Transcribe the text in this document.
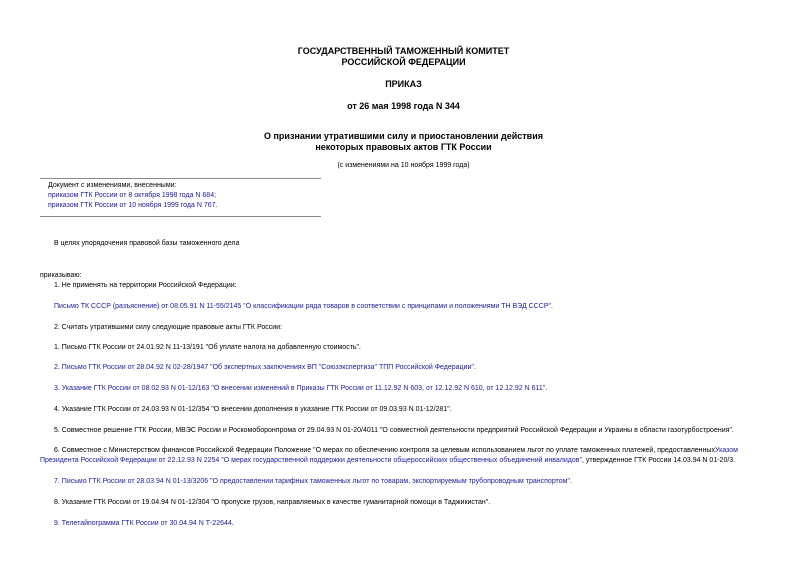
ГОСУДАРСТВЕННЫЙ ТАМОЖЕННЫЙ КОМИТЕТ
РОССИЙСКОЙ ФЕДЕРАЦИИ
ПРИКАЗ
от 26 мая 1998 года N 344
О признании утратившими силу и приостановлении действия
некоторых правовых актов ГТК России
(с изменениями на 10 ноября 1999 года)
Документ с изменениями, внесенными:
приказом ГТК России от 8 октября 1998 года N 684;
приказом ГТК России от 10 ноября 1999 года N 767.
В целях упорядочения правовой базы таможенного дела
приказываю:
1. Не применять на территории Российской Федерации:
Письмо ТК СССР (разъяснение) от 08.05.91 N 11-55/2145 "О классификации ряда товаров в соответствии с принципами и положениями ТН ВЭД СССР".
2. Считать утратившими силу следующие правовые акты ГТК России:
1. Письмо ГТК России от 24.01.92 N 11-13/191 "Об уплате налога на добавленную стоимость".
2. Письмо ГТК России от 28.04.92 N 02-28/1947 "Об экспертных заключениях ВП "Союзэкспертиза" ТПП Российской Федерации".
3. Указание ГТК России от 08.02.93 N 01-12/163 "О внесении изменений в Приказы ГТК России от 11.12.92 N 603, от 12.12.92 N 610, от 12.12.92 N 611".
4. Указание ГТК России от 24.03.93 N 01-12/354 "О внесении дополнения в указание ГТК России от 09.03.93 N 01-12/281".
5. Совместное решение ГТК России, МВЭС России и Роскомоборонпрома от 29.04.93 N 01-20/4011 "О совместной деятельности предприятий Российской Федерации и Украины в области газотурбостроения".
6. Совместное с Министерством финансов Российской Федерации Положение "О мерах по обеспечению контроля за целевым использованием льгот по уплате таможенных платежей, предоставленныхУказом
Президента Российской Федерации от 22.12.93 N 2254 "О мерах государственной поддержки деятельности общероссийских общественных объединений инвалидов", утвержденное ГТК России 14.03.94 N 01-20/3.
7. Письмо ГТК России от 28.03.94 N 01-13/3206 "О предоставлении тарифных таможенных льгот по товарам, экспортируемым трубопроводным транспортом".
8. Указание ГТК России от 19.04.94 N 01-12/304 "О пропуске грузов, направляемых в качестве гуманитарной помощи в Таджикистан".
9. Телетайпограмма ГТК России от 30.04.94 N Т-22644.
